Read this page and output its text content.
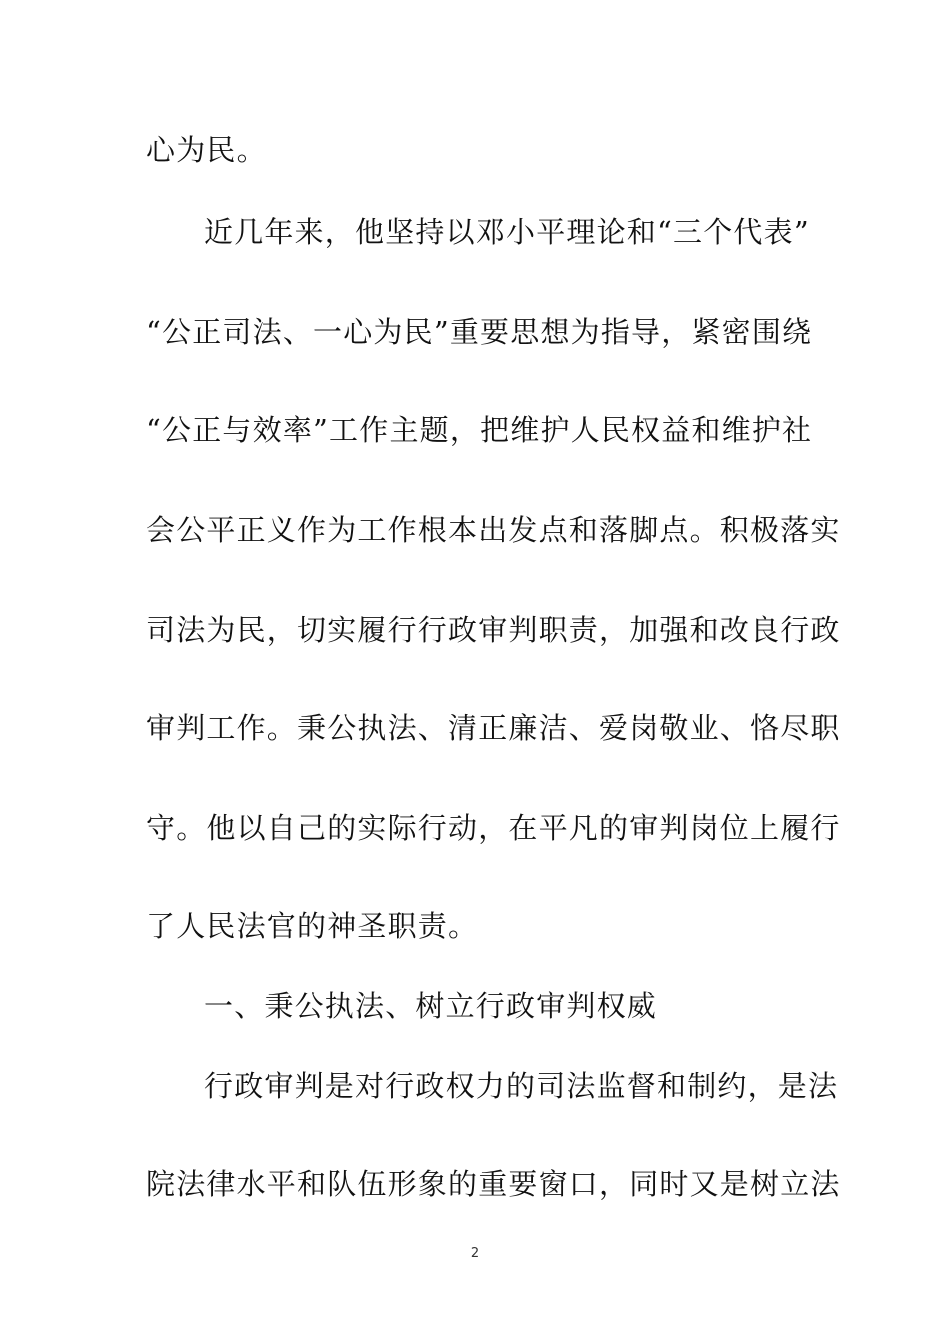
心为民。
近几年来，他坚持以邓小平理论和“三个代表”
“公正司法、一心为民”重要思想为指导，紧密围绕
“公正与效率”工作主题，把维护人民权益和维护社
会公平正义作为工作根本出发点和落脚点。积极落实
司法为民，切实履行行政审判职责，加强和改良行政
审判工作。秉公执法、清正廉洁、爱岗敬业、恪尽职
守。他以自己的实际行动，在平凡的审判岗位上履行
了人民法官的神圣职责。
一、秉公执法、树立行政审判权威
行政审判是对行政权力的司法监督和制约，是法
院法律水平和队伍形象的重要窗口，同时又是树立法
2
